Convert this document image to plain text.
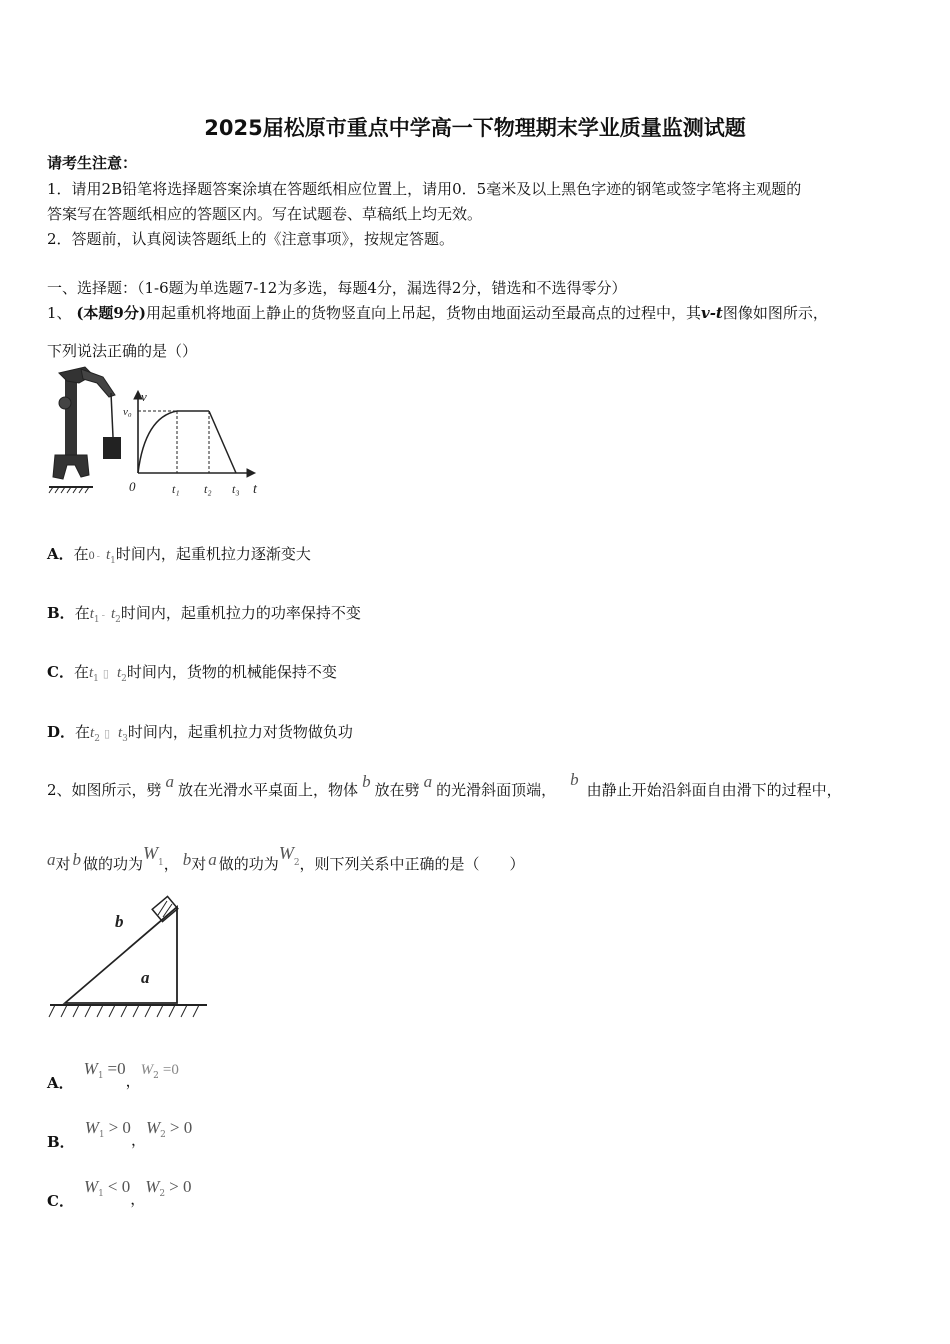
2025届松原市重点中学高一下物理期末学业质量监测试题
请考生注意：
1．请用2B铅笔将选择题答案涂填在答题纸相应位置上，请用0．5毫米及以上黑色字迹的钢笔或签字笔将主观题的
答案写在答题纸相应的答题区内。写在试题卷、草稿纸上均无效。
2．答题前，认真阅读答题纸上的《注意事项》，按规定答题。
一、选择题：（1-6题为单选题7-12为多选，每题4分，漏选得2分，错选和不选得零分）
1、 (本题9分)用起重机将地面上静止的货物竖直向上吊起，货物由地面运动至最高点的过程中，其v-t图像如图所示，
下列说法正确的是（）
v
v₀
0	t₁ t₂ t₃ t
A．在$0 - t_1$时间内，起重机拉力逐渐变大
B．在$t_1 - t_2$时间内，起重机拉力的功率保持不变
C．在$t_1$ ▯ $t_2$时间内，货物的机械能保持不变
D．在$t_2$ ▯ $t_3$时间内，起重机拉力对货物做负功
2、如图所示，劈 a 放在光滑水平桌面上，物体 b 放在劈 a 的光滑斜面顶端，b由静止开始沿斜面自由滑下的过程中，
a对 b 做的功为$W_1$， b对 a 做的功为$W_2$，则下列关系中正确的是（　　）
b
a
A．$W_1 =0$，$W_2 =0$
B．$W_1 > 0$，$W_2 > 0$
C．$W_1 < 0$，$W_2 > 0$
